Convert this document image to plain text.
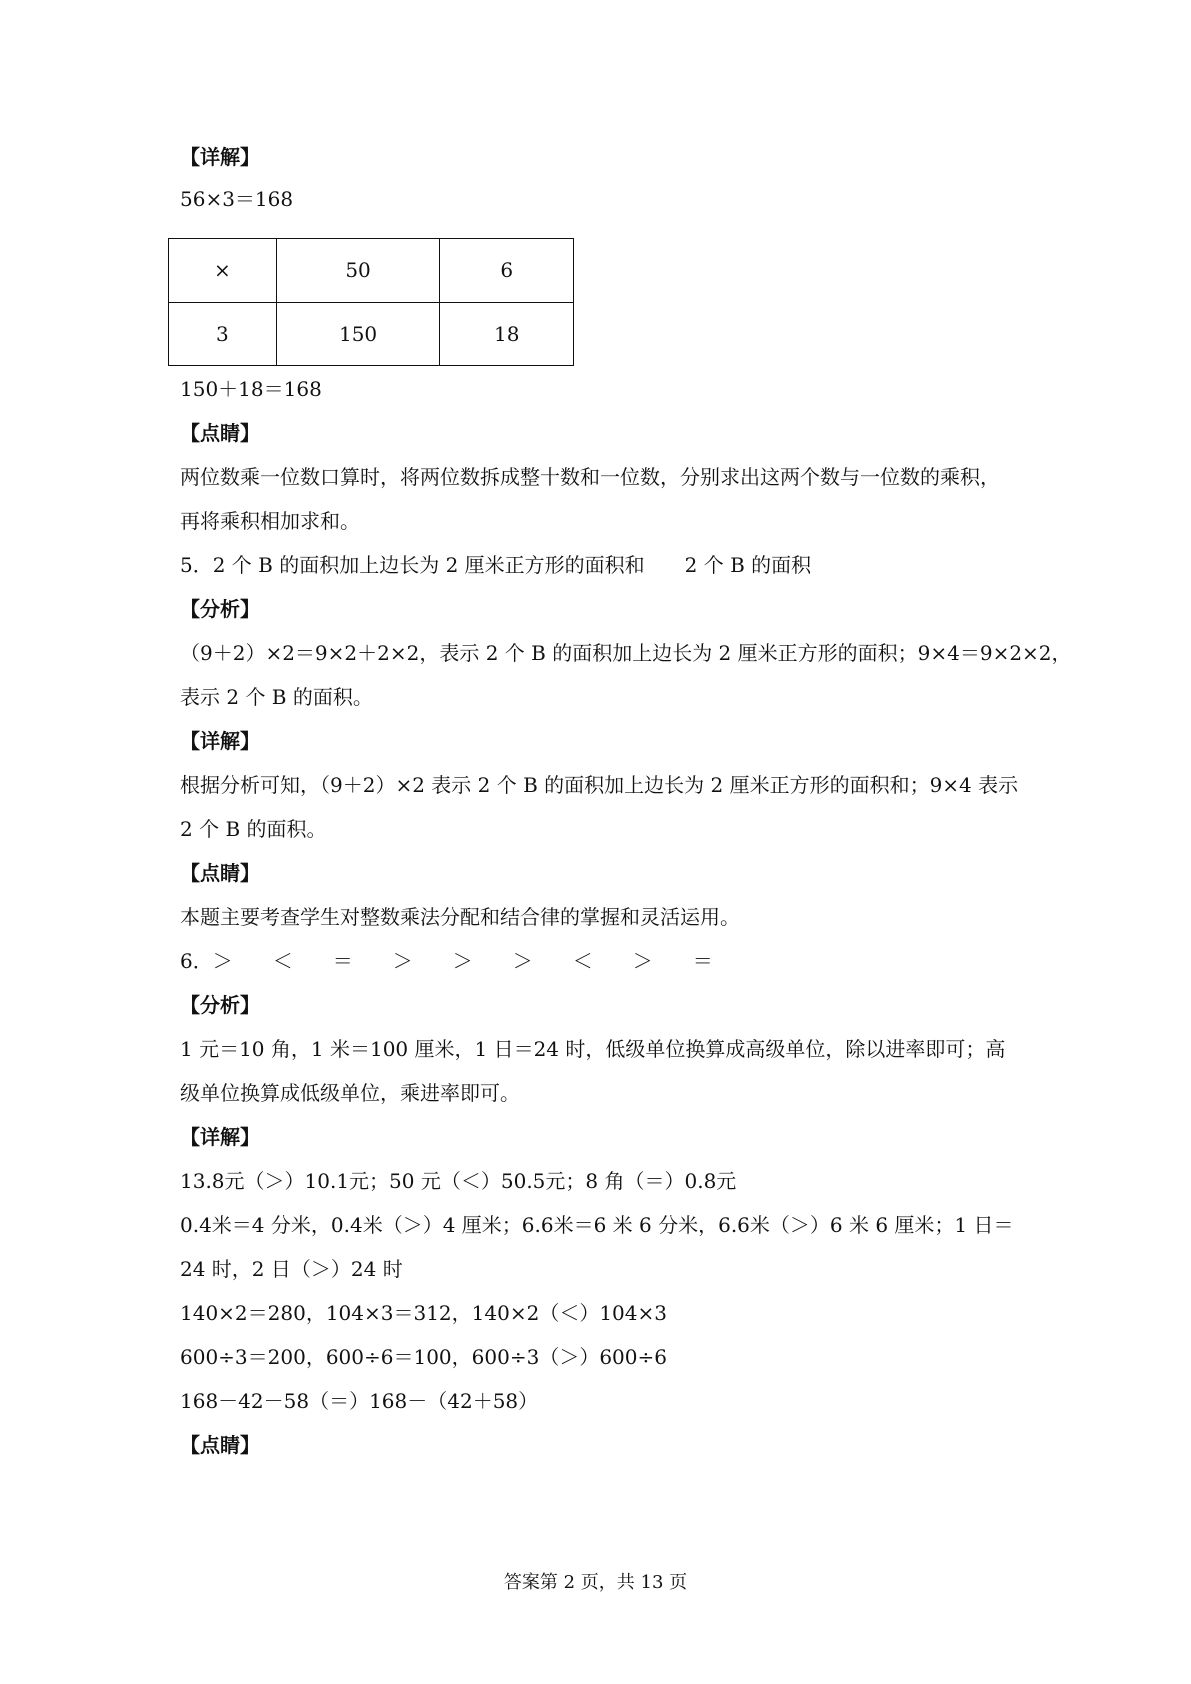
【详解】
56×3＝168
×	50	6
3	150	18
150＋18＝168
【点睛】
两位数乘一位数口算时，将两位数拆成整十数和一位数，分别求出这两个数与一位数的乘积，
再将乘积相加求和。
5．2 个 B 的面积加上边长为 2 厘米正方形的面积和　　2 个 B 的面积
【分析】
（9＋2）×2＝9×2＋2×2，表示 2 个 B 的面积加上边长为 2 厘米正方形的面积；9×4＝9×2×2，
表示 2 个 B 的面积。
【详解】
根据分析可知，（9＋2）×2 表示 2 个 B 的面积加上边长为 2 厘米正方形的面积和；9×4 表示
2 个 B 的面积。
【点睛】
本题主要考查学生对整数乘法分配和结合律的掌握和灵活运用。
6．＞　　＜　　＝　　＞　　＞　　＞　　＜　　＞　　＝
【分析】
1 元＝10 角，1 米＝100 厘米，1 日＝24 时，低级单位换算成高级单位，除以进率即可；高
级单位换算成低级单位，乘进率即可。
【详解】
13.8元（＞）10.1元；50 元（＜）50.5元；8 角（＝）0.8元
0.4米＝4 分米，0.4米（＞）4 厘米；6.6米＝6 米 6 分米，6.6米（＞）6 米 6 厘米；1 日＝
24 时，2 日（＞）24 时
140×2＝280，104×3＝312，140×2（＜）104×3
600÷3＝200，600÷6＝100，600÷3（＞）600÷6
168－42－58（＝）168－（42＋58）
【点睛】
答案第 2 页，共 13 页
